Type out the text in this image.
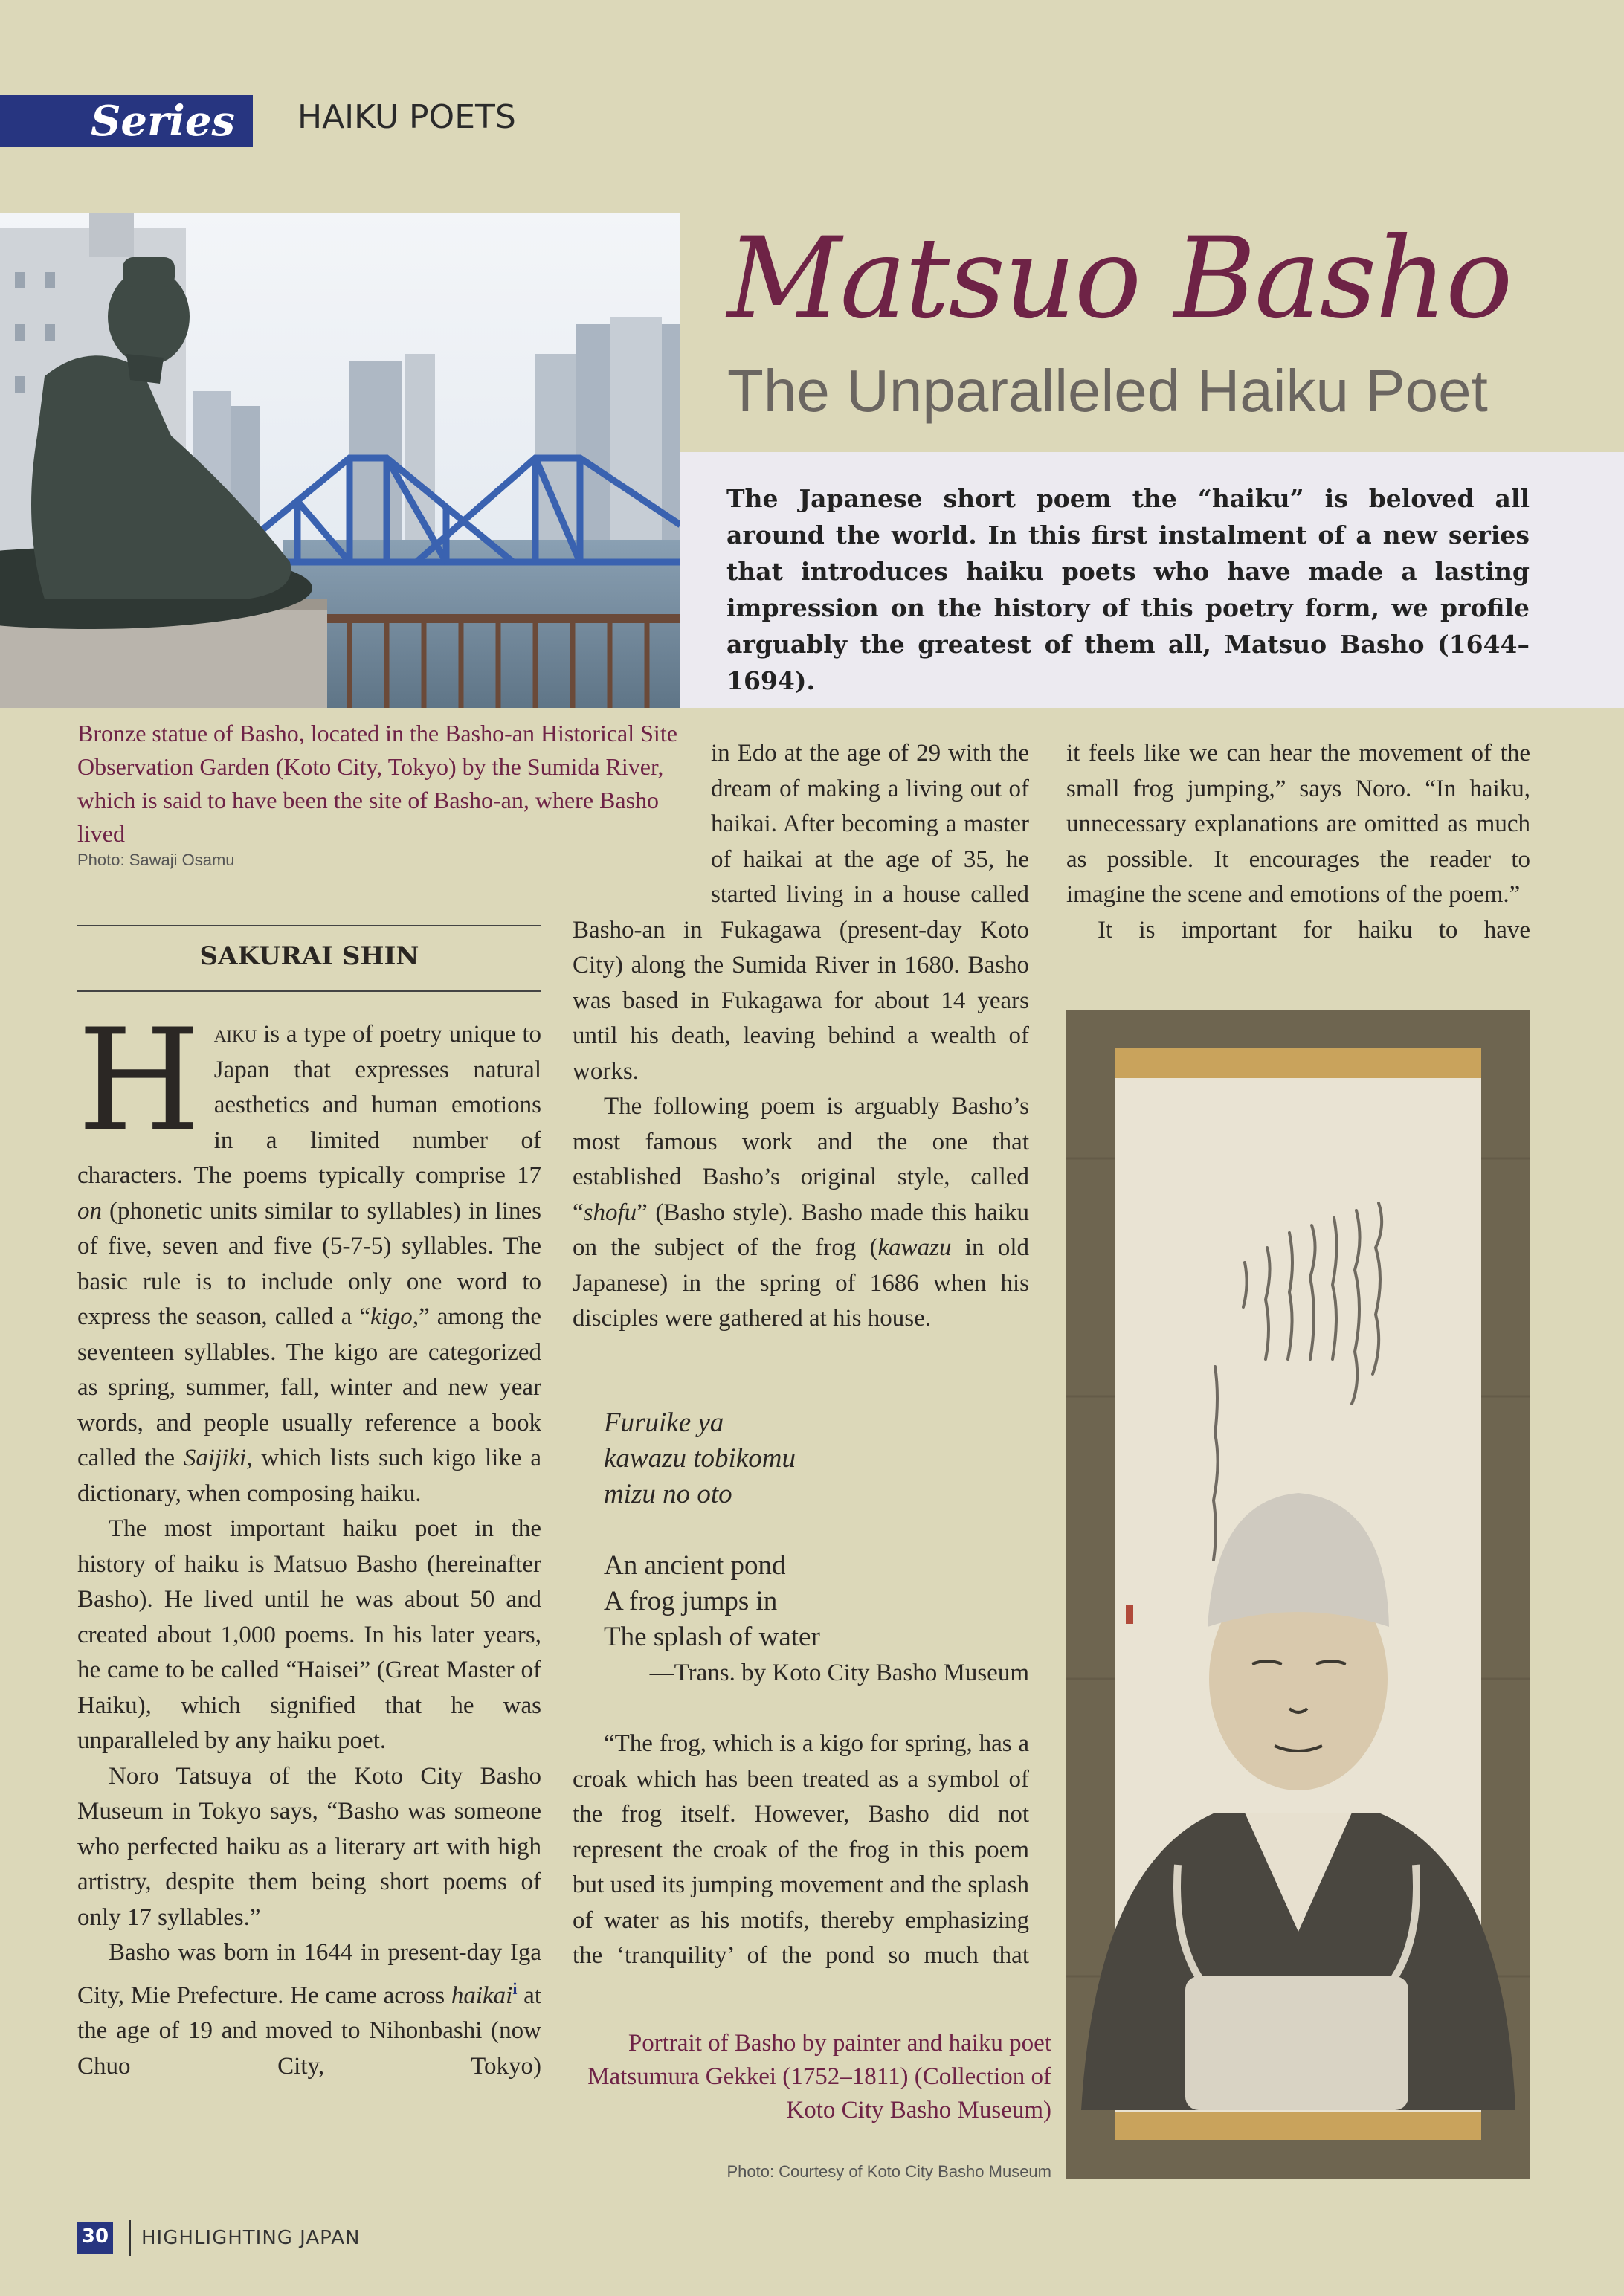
Series HAIKU POETS
Matsuo Basho
The Unparalleled Haiku Poet
The Japanese short poem the “haiku” is beloved all around the world. In this first instalment of a new series that introduces haiku poets who have made a lasting impression on the history of this poetry form, we profile arguably the greatest of them all, Matsuo Basho (1644–1694).
Bronze statue of Basho, located in the Basho-an Historical Site Observation Garden (Koto City, Tokyo) by the Sumida River, which is said to have been the site of Basho-an, where Basho lived
Photo: Sawaji Osamu
SAKURAI SHIN

Haiku is a type of poetry unique to Japan that expresses natural aesthetics and human emotions in a limited number of characters. The poems typically comprise 17 on (phonetic units similar to syllables) in lines of five, seven and five (5-7-5) syllables. The basic rule is to include only one word to express the season, called a “kigo,” among the seventeen syllables. The kigo are categorized as spring, summer, fall, winter and new year words, and people usually reference a book called the Saijiki, which lists such kigo like a dictionary, when composing haiku.

The most important haiku poet in the history of haiku is Matsuo Basho (hereinafter Basho). He lived until he was about 50 and created about 1,000 poems. In his later years, he came to be called “Haisei” (Great Master of Haiku), which signified that he was unparalleled by any haiku poet.

Noro Tatsuya of the Koto City Basho Museum in Tokyo says, “Basho was someone who perfected haiku as a literary art with high artistry, despite them being short poems of only 17 syllables.”

Basho was born in 1644 in present-day Iga City, Mie Prefecture. He came across haikai$^i$ at the age of 19 and moved to Nihonbashi (now Chuo City, Tokyo)

in Edo at the age of 29 with the dream of making a living out of haikai. After becoming a master of haikai at the age of 35, he started living in a house called Basho-an in Fukagawa (present-day Koto City) along the Sumida River in 1680. Basho was based in Fukagawa for about 14 years until his death, leaving behind a wealth of works.

The following poem is arguably Basho’s most famous work and the one that established Basho’s original style, called “shofu” (Basho style). Basho made this haiku on the subject of the frog (kawazu in old Japanese) in the spring of 1686 when his disciples were gathered at his house.

Furuike ya
kawazu tobikomu
mizu no oto
An ancient pond
A frog jumps in
The splash of water
—Trans. by Koto City Basho Museum

“The frog, which is a kigo for spring, has a croak which has been treated as a symbol of the frog itself. However, Basho did not represent the croak of the frog in this poem but used its jumping movement and the splash of water as his motifs, thereby emphasizing the ‘tranquility’ of the pond so much that

it feels like we can hear the movement of the small frog jumping,” says Noro. “In haiku, unnecessary explanations are omitted as much as possible. It encourages the reader to imagine the scene and emotions of the poem.”

It is important for haiku to have

Portrait of Basho by painter and haiku poet Matsumura Gekkei (1752–1811) (Collection of Koto City Basho Museum)
Photo: Courtesy of Koto City Basho Museum
30 HIGHLIGHTING JAPAN
